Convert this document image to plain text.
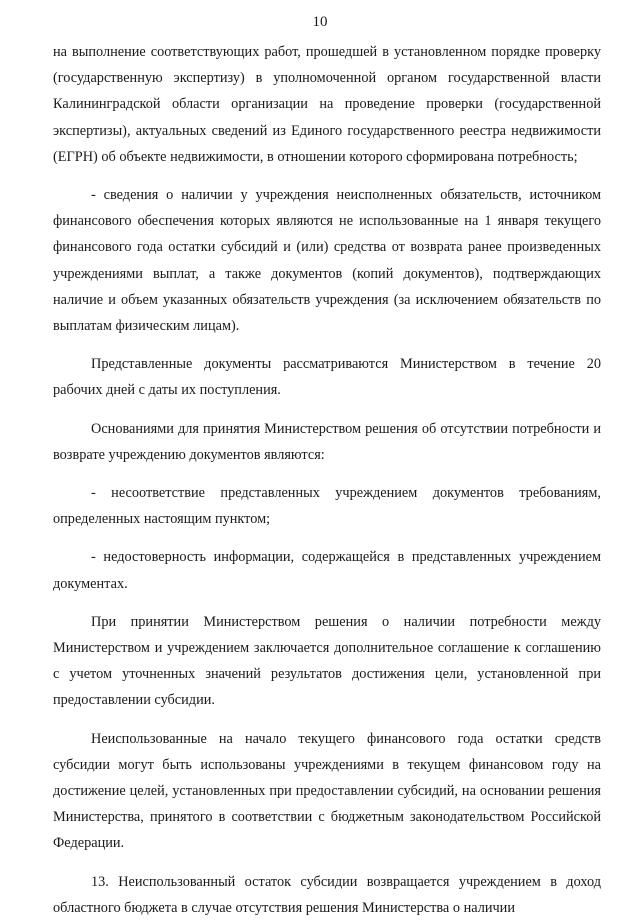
10

на выполнение соответствующих работ, прошедшей в установленном порядке проверку (государственную экспертизу) в уполномоченной органом государственной власти Калининградской области организации на проведение проверки (государственной экспертизы), актуальных сведений из Единого государственного реестра недвижимости (ЕГРН) об объекте недвижимости, в отношении которого сформирована потребность;

- сведения о наличии у учреждения неисполненных обязательств, источником финансового обеспечения которых являются не использованные на 1 января текущего финансового года остатки субсидий и (или) средства от возврата ранее произведенных учреждениями выплат, а также документов (копий документов), подтверждающих наличие и объем указанных обязательств учреждения (за исключением обязательств по выплатам физическим лицам).

Представленные документы рассматриваются Министерством в течение 20 рабочих дней с даты их поступления.

Основаниями для принятия Министерством решения об отсутствии потребности и возврате учреждению документов являются:

- несоответствие представленных учреждением документов требованиям, определенных настоящим пунктом;

- недостоверность информации, содержащейся в представленных учреждением документах.

При принятии Министерством решения о наличии потребности между Министерством и учреждением заключается дополнительное соглашение к соглашению с учетом уточненных значений результатов достижения цели, установленной при предоставлении субсидии.

Неиспользованные на начало текущего финансового года остатки средств субсидии могут быть использованы учреждениями в текущем финансовом году на достижение целей, установленных при предоставлении субсидий, на основании решения Министерства, принятого в соответствии с бюджетным законодательством Российской Федерации.

13. Неиспользованный остаток субсидии возвращается учреждением в доход областного бюджета в случае отсутствия решения Министерства о наличии
